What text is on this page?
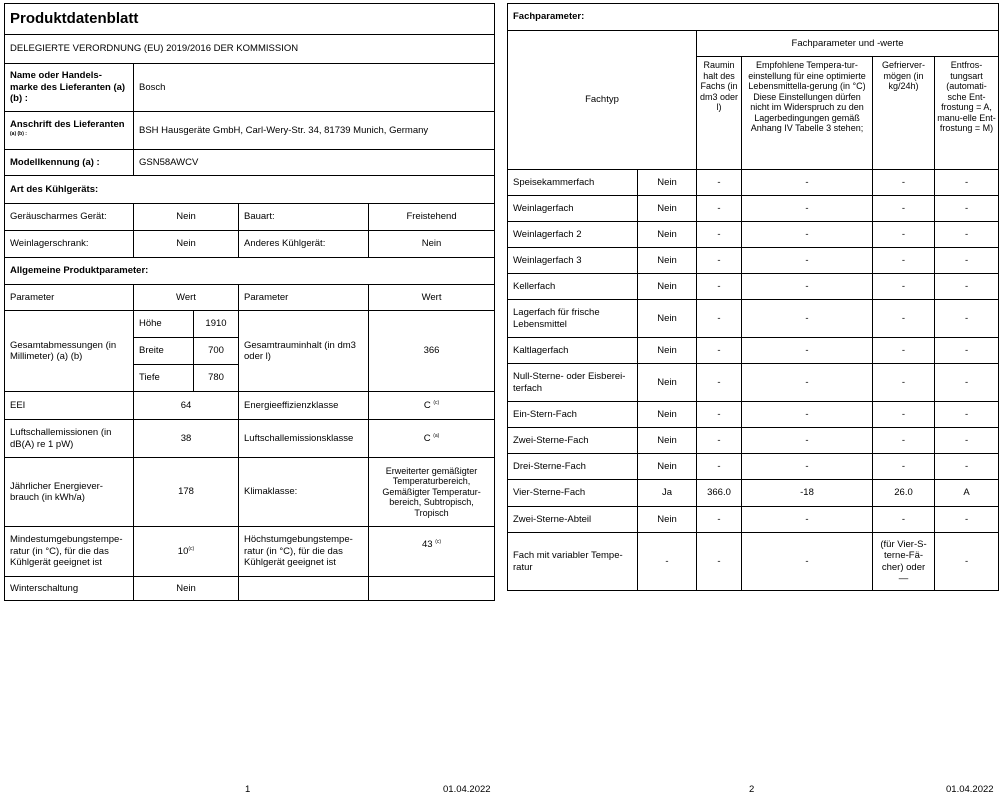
Produktdatenblatt				
DELEGIERTE VERORDNUNG (EU) 2019/2016 DER KOMMISSION				
Name oder Handels-marke des Lieferanten (a) (b) :	Bosch			
Anschrift des Lieferanten
$^{(a) (b) :}$	BSH Hausgeräte GmbH, Carl-Wery-Str. 34, 81739 Munich, Germany			
Modellkennung (a) :	GSN58AWCV			
Art des Kühlgeräts:				
Geräuscharmes Gerät:	Nein		Bauart:	Freistehend
Weinlagerschrank:	Nein		Anderes Kühlgerät:	Nein
Allgemeine Produktparameter:				
Parameter	Wert		Parameter	Wert
Gesamtabmessungen (in Millimeter) (a) (b)	Höhe	1910	Gesamtrauminhalt (in dm3 oder l)	366
	Breite	700		
	Tiefe	780		
EEI	64		Energieeffizienzklasse	C $^{(c)}$
Luftschallemissionen (in dB(A) re 1 pW)	38		Luftschallemissionsklasse	C $^{(a)}$
Jährlicher Energiever-brauch (in kWh/a)	178		Klimaklasse:	Erweiterter gemäßigter Temperaturbereich, Gemäßigter Temperatur-bereich, Subtropisch, Tropisch
Mindestumgebungstempe-ratur (in °C), für die das Kühlgerät geeignet ist	10$^{(c)}$		Höchstumgebungstempe-ratur (in °C), für die das Kühlgerät geeignet ist	43 $^{(c)}$
Winterschaltung	Nein			
Fachparameter:					
Fachtyp		Fachparameter und -werte			
		Raumin halt des Fachs (in dm3 oder l)	Empfohlene Tempera-tur-einstellung für eine optimierte Lebensmittella-gerung (in °C) Diese Einstellungen dürfen nicht im Widerspruch zu den Lagerbedingungen gemäß Anhang IV Tabelle 3 stehen;	Gefrierver-mögen (in kg/24h)	Entfros-tungsart (automati-sche Ent-frostung = A, manu-elle Ent-frostung = M)
Speisekammerfach	Nein	-	-	-	-
Weinlagerfach	Nein	-	-	-	-
Weinlagerfach 2	Nein	-	-	-	-
Weinlagerfach 3	Nein	-	-	-	-
Kellerfach	Nein	-	-	-	-
Lagerfach für frische Lebensmittel	Nein	-	-	-	-
Kaltlagerfach	Nein	-	-	-	-
Null-Sterne- oder Eisberei-terfach	Nein	-	-	-	-
Ein-Stern-Fach	Nein	-	-	-	-
Zwei-Sterne-Fach	Nein	-	-	-	-
Drei-Sterne-Fach	Nein	-	-	-	-
Vier-Sterne-Fach	Ja	366.0	-18	26.0	A
Zwei-Sterne-Abteil	Nein	-	-	-	-
Fach mit variabler Tempe-ratur	-	-	-	(für Vier-S-terne-Fä-cher) oder —	-
1	01.04.2022	2	01.04.2022
